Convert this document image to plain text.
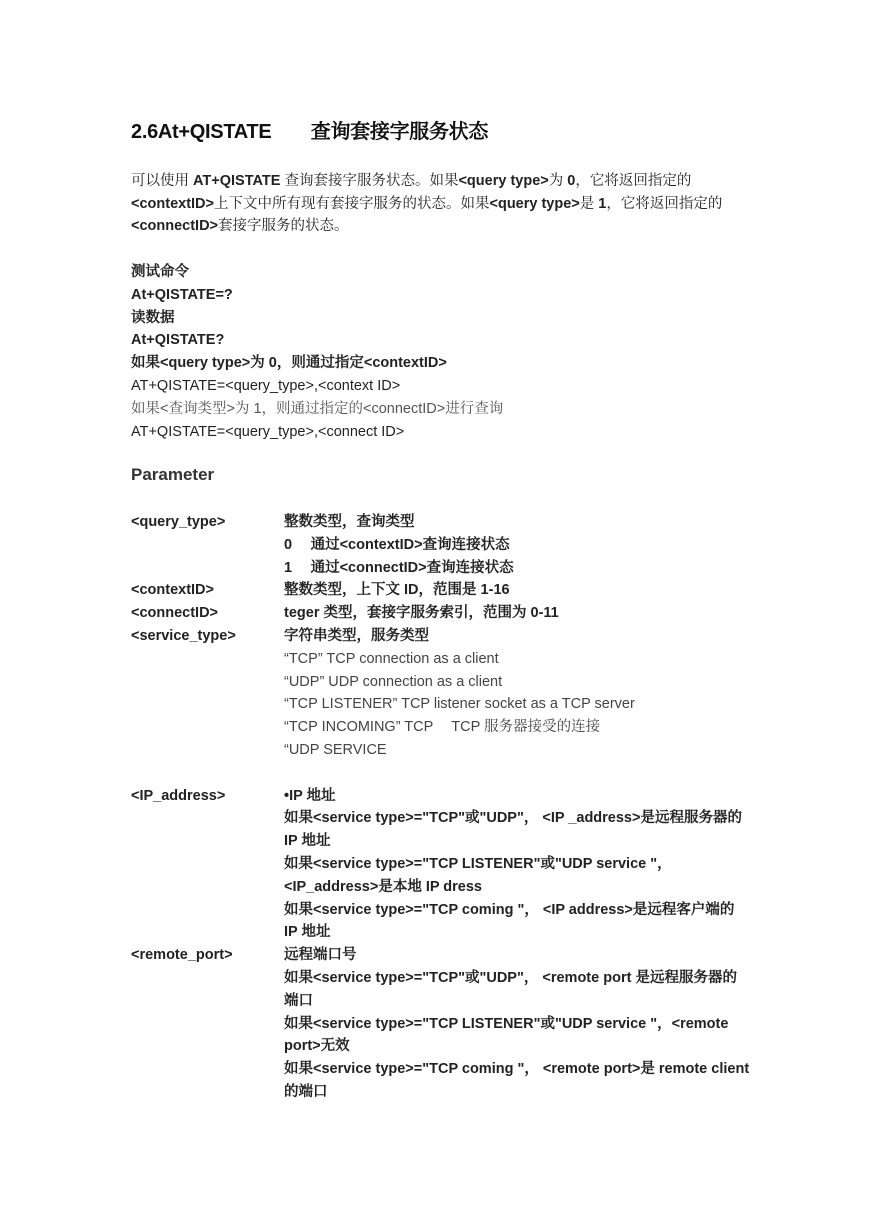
2.6At+QISTATE　　查询套接字服务状态
可以使用 AT+QISTATE 查询套接字服务状态。如果<query type>为 0，它将返回指定的<contextID>上下文中所有现有套接字服务的状态。如果<query type>是 1，它将返回指定的<connectID>套接字服务的状态。
测试命令
At+QISTATE=?
读数据
At+QISTATE?
如果<query type>为 0，则通过指定<contextID>
AT+QISTATE=<query_type>,<context ID>
如果<查询类型>为 1，则通过指定的<connectID>进行查询
AT+QISTATE=<query_type>,<connect ID>
Parameter
<query_type>	整数类型，查询类型
0　 通过<contextID>查询连接状态
1　 通过<connectID>查询连接状态
<contextID>	整数类型，上下文 ID，范围是 1-16
<connectID>	teger 类型，套接字服务索引，范围为 0-11
<service_type>	字符串类型，服务类型
“TCP” TCP connection as a client
“UDP” UDP connection as a client
“TCP LISTENER” TCP listener socket as a TCP server
“TCP INCOMING” TCP　 TCP 服务器接受的连接
“UDP SERVICE
<IP_address>	•IP 地址
如果<service type>="TCP"或"UDP"， <IP _address>是远程服务器的 IP 地址
如果<service type>="TCP LISTENER"或"UDP service "，<IP_address>是本地 IP dress
如果<service type>="TCP coming "， <IP address>是远程客户端的 IP 地址
<remote_port>	远程端口号
如果<service type>="TCP"或"UDP"， <remote port 是远程服务器的端口
如果<service type>="TCP LISTENER"或"UDP service "，<remote port>无效
如果<service type>="TCP coming "， <remote port>是 remote client 的端口
